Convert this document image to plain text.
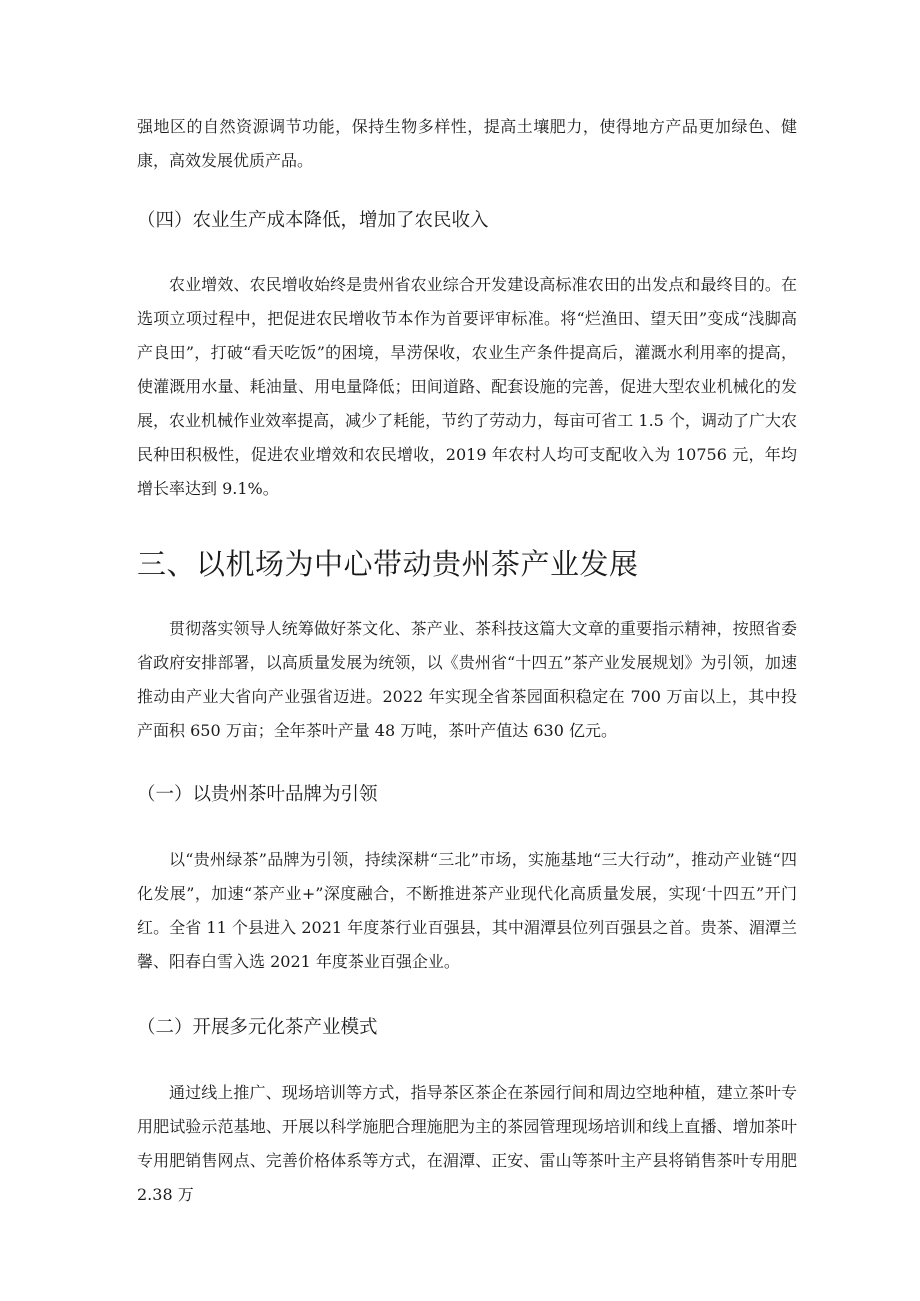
强地区的自然资源调节功能，保持生物多样性，提高土壤肥力，使得地方产品更加绿色、健康，高效发展优质产品。

（四）农业生产成本降低，增加了农民收入

农业增效、农民增收始终是贵州省农业综合开发建设高标准农田的出发点和最终目的。在选项立项过程中，把促进农民增收节本作为首要评审标准。将“烂渔田、望天田”变成“浅脚高产良田”，打破“看天吃饭”的困境，旱涝保收，农业生产条件提高后，灌溉水利用率的提高，使灌溉用水量、耗油量、用电量降低；田间道路、配套设施的完善，促进大型农业机械化的发展，农业机械作业效率提高，减少了耗能，节约了劳动力，每亩可省工 1.5 个，调动了广大农民种田积极性，促进农业增效和农民增收，2019 年农村人均可支配收入为 10756 元，年均增长率达到 9.1%。

三、以机场为中心带动贵州茶产业发展

贯彻落实领导人统筹做好茶文化、茶产业、茶科技这篇大文章的重要指示精神，按照省委省政府安排部署，以高质量发展为统领，以《贵州省“十四五”茶产业发展规划》为引领，加速推动由产业大省向产业强省迈进。2022 年实现全省茶园面积稳定在 700 万亩以上，其中投产面积 650 万亩；全年茶叶产量 48 万吨，茶叶产值达 630 亿元。

（一）以贵州茶叶品牌为引领

以“贵州绿茶”品牌为引领，持续深耕“三北”市场，实施基地“三大行动”，推动产业链“四化发展”，加速“茶产业+”深度融合，不断推进茶产业现代化高质量发展，实现‘十四五”开门红。全省 11 个县进入 2021 年度茶行业百强县，其中湄潭县位列百强县之首。贵茶、湄潭兰馨、阳春白雪入选 2021 年度茶业百强企业。

（二）开展多元化茶产业模式

通过线上推广、现场培训等方式，指导茶区茶企在茶园行间和周边空地种植，建立茶叶专用肥试验示范基地、开展以科学施肥合理施肥为主的茶园管理现场培训和线上直播、增加茶叶专用肥销售网点、完善价格体系等方式，在湄潭、正安、雷山等茶叶主产县将销售茶叶专用肥 2.38 万
